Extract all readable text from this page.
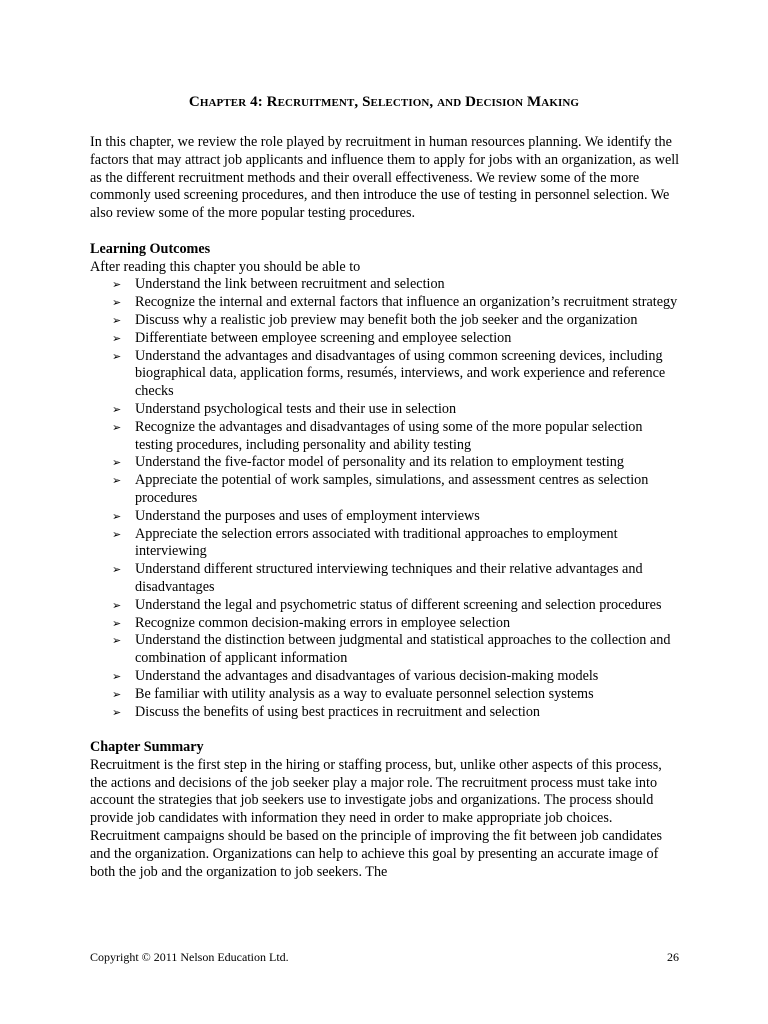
Chapter 4: Recruitment, Selection, and Decision Making

In this chapter, we review the role played by recruitment in human resources planning. We identify the factors that may attract job applicants and influence them to apply for jobs with an organization, as well as the different recruitment methods and their overall effectiveness. We review some of the more commonly used screening procedures, and then introduce the use of testing in personnel selection. We also review some of the more popular testing procedures.

Learning Outcomes

After reading this chapter you should be able to

➢ Understand the link between recruitment and selection
➢ Recognize the internal and external factors that influence an organization’s recruitment strategy
➢ Discuss why a realistic job preview may benefit both the job seeker and the organization
➢ Differentiate between employee screening and employee selection
➢ Understand the advantages and disadvantages of using common screening devices, including biographical data, application forms, resumés, interviews, and work experience and reference checks
➢ Understand psychological tests and their use in selection
➢ Recognize the advantages and disadvantages of using some of the more popular selection testing procedures, including personality and ability testing
➢ Understand the five-factor model of personality and its relation to employment testing
➢ Appreciate the potential of work samples, simulations, and assessment centres as selection procedures
➢ Understand the purposes and uses of employment interviews
➢ Appreciate the selection errors associated with traditional approaches to employment interviewing
➢ Understand different structured interviewing techniques and their relative advantages and disadvantages
➢ Understand the legal and psychometric status of different screening and selection procedures
➢ Recognize common decision-making errors in employee selection
➢ Understand the distinction between judgmental and statistical approaches to the collection and combination of applicant information
➢ Understand the advantages and disadvantages of various decision-making models
➢ Be familiar with utility analysis as a way to evaluate personnel selection systems
➢ Discuss the benefits of using best practices in recruitment and selection

Chapter Summary

Recruitment is the first step in the hiring or staffing process, but, unlike other aspects of this process, the actions and decisions of the job seeker play a major role. The recruitment process must take into account the strategies that job seekers use to investigate jobs and organizations. The process should provide job candidates with information they need in order to make appropriate job choices. Recruitment campaigns should be based on the principle of improving the fit between job candidates and the organization. Organizations can help to achieve this goal by presenting an accurate image of both the job and the organization to job seekers. The

Copyright © 2011 Nelson Education Ltd.	26
